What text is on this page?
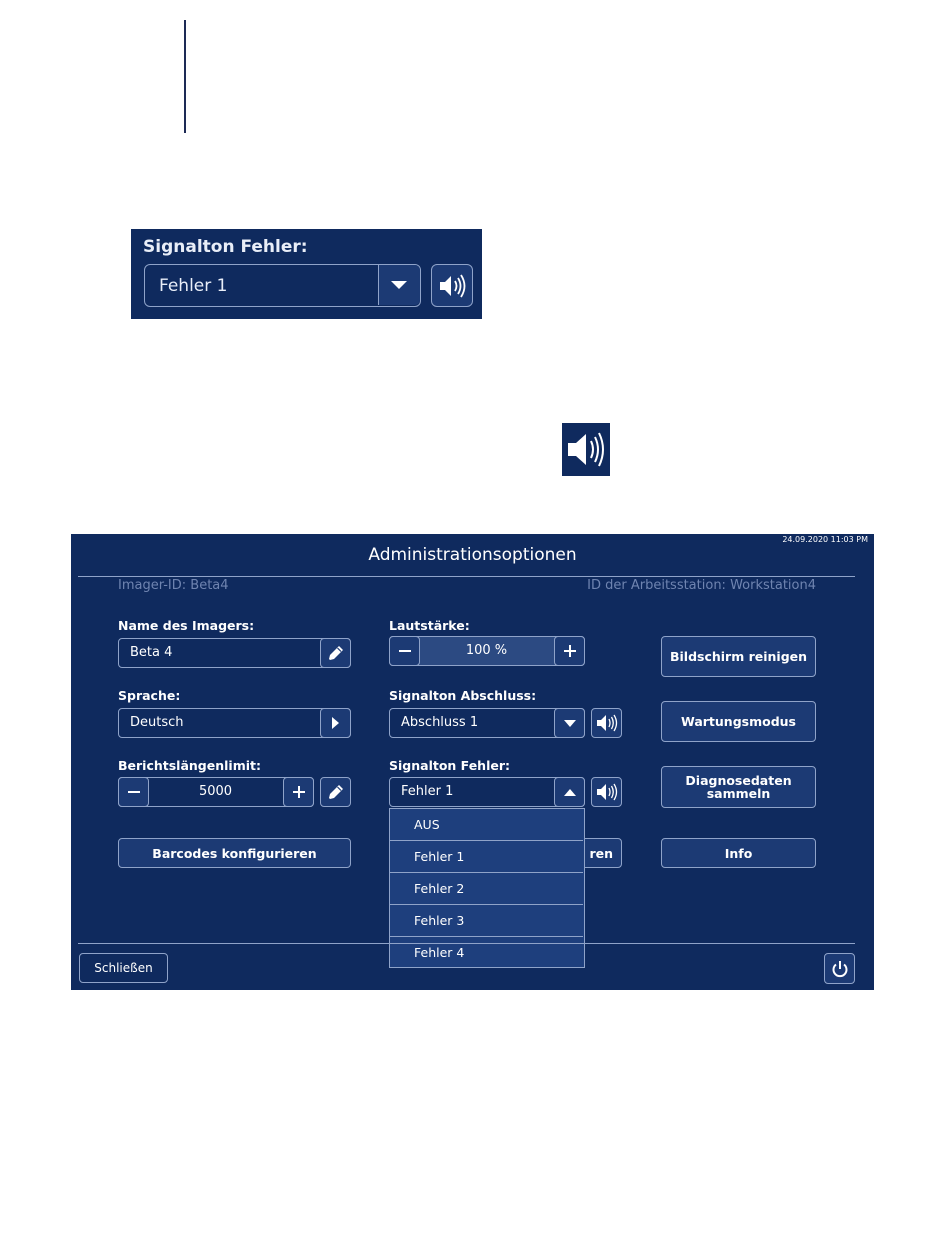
Signalton Fehler:
Fehler 1
24.09.2020 11:03 PM
Administrationsoptionen
Imager-ID: Beta4	ID der Arbeitsstation: Workstation4
Name des Imagers:
Beta 4
Sprache:
Deutsch
Berichtslängenlimit:
5000
Barcodes konfigurieren
Lautstärke:
100 %
Signalton Abschluss:
Abschluss 1
Signalton Fehler:
Fehler 1
ren
AUS
Fehler 1
Fehler 2
Fehler 3
Fehler 4
Bildschirm reinigen
Wartungsmodus
Diagnosedaten sammeln
Info
Schließen
